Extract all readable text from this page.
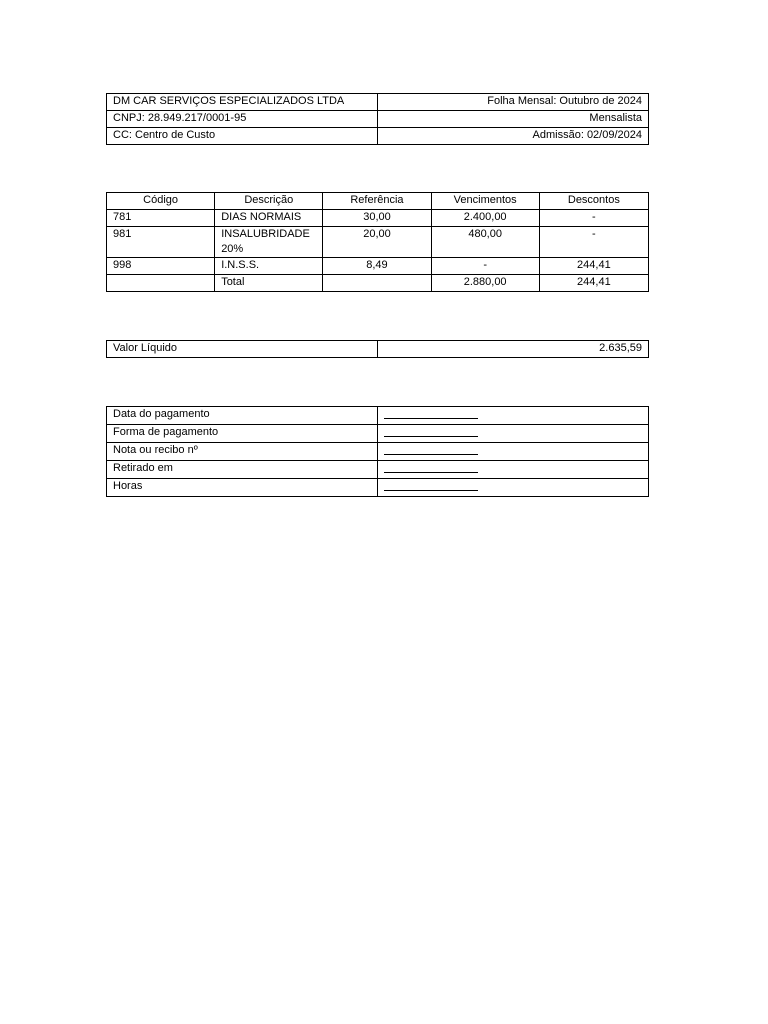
DM CAR SERVIÇOS ESPECIALIZADOS LTDA	Folha Mensal: Outubro de 2024
CNPJ: 28.949.217/0001-95	Mensalista
CC: Centro de Custo	Admissão: 02/09/2024
Código	Descrição	Referência	Vencimentos	Descontos
781	DIAS NORMAIS	30,00	2.400,00	-
981	INSALUBRIDADE 20%	20,00	480,00	-
998	I.N.S.S.	8,49	-	244,41
	Total		2.880,00	244,41
Valor Líquido	2.635,59
Data do pagamento	
Forma de pagamento	
Nota ou recibo nº	
Retirado em	
Horas	
